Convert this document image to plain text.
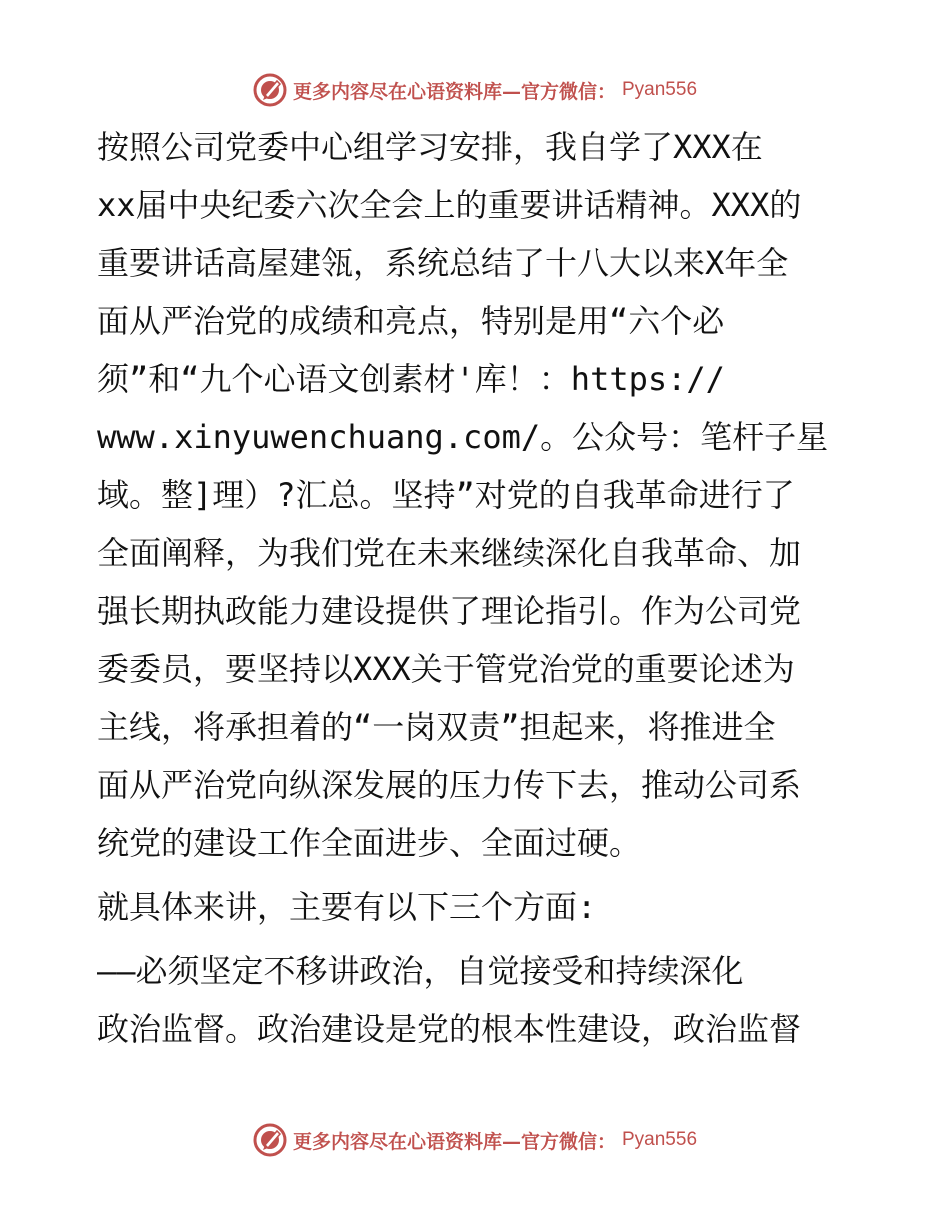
更多内容尽在心语资料库—官方微信： Pyan556

按照公司党委中心组学习安排，我自学了XXX在
xx届中央纪委六次全会上的重要讲话精神。XXX的
重要讲话高屋建瓴，系统总结了十八大以来X年全
面从严治党的成绩和亮点，特别是用“六个必
须”和“九个心语文创素材'库！：https://
www.xinyuwenchuang.com/。公众号：笔杆子星
域。整]理）?汇总。坚持”对党的自我革命进行了
全面阐释，为我们党在未来继续深化自我革命、加
强长期执政能力建设提供了理论指引。作为公司党
委委员，要坚持以XXX关于管党治党的重要论述为
主线，将承担着的“一岗双责”担起来，将推进全
面从严治党向纵深发展的压力传下去，推动公司系
统党的建设工作全面进步、全面过硬。

就具体来讲，主要有以下三个方面:

——必须坚定不移讲政治，自觉接受和持续深化
政治监督。政治建设是党的根本性建设，政治监督

更多内容尽在心语资料库—官方微信： Pyan556
